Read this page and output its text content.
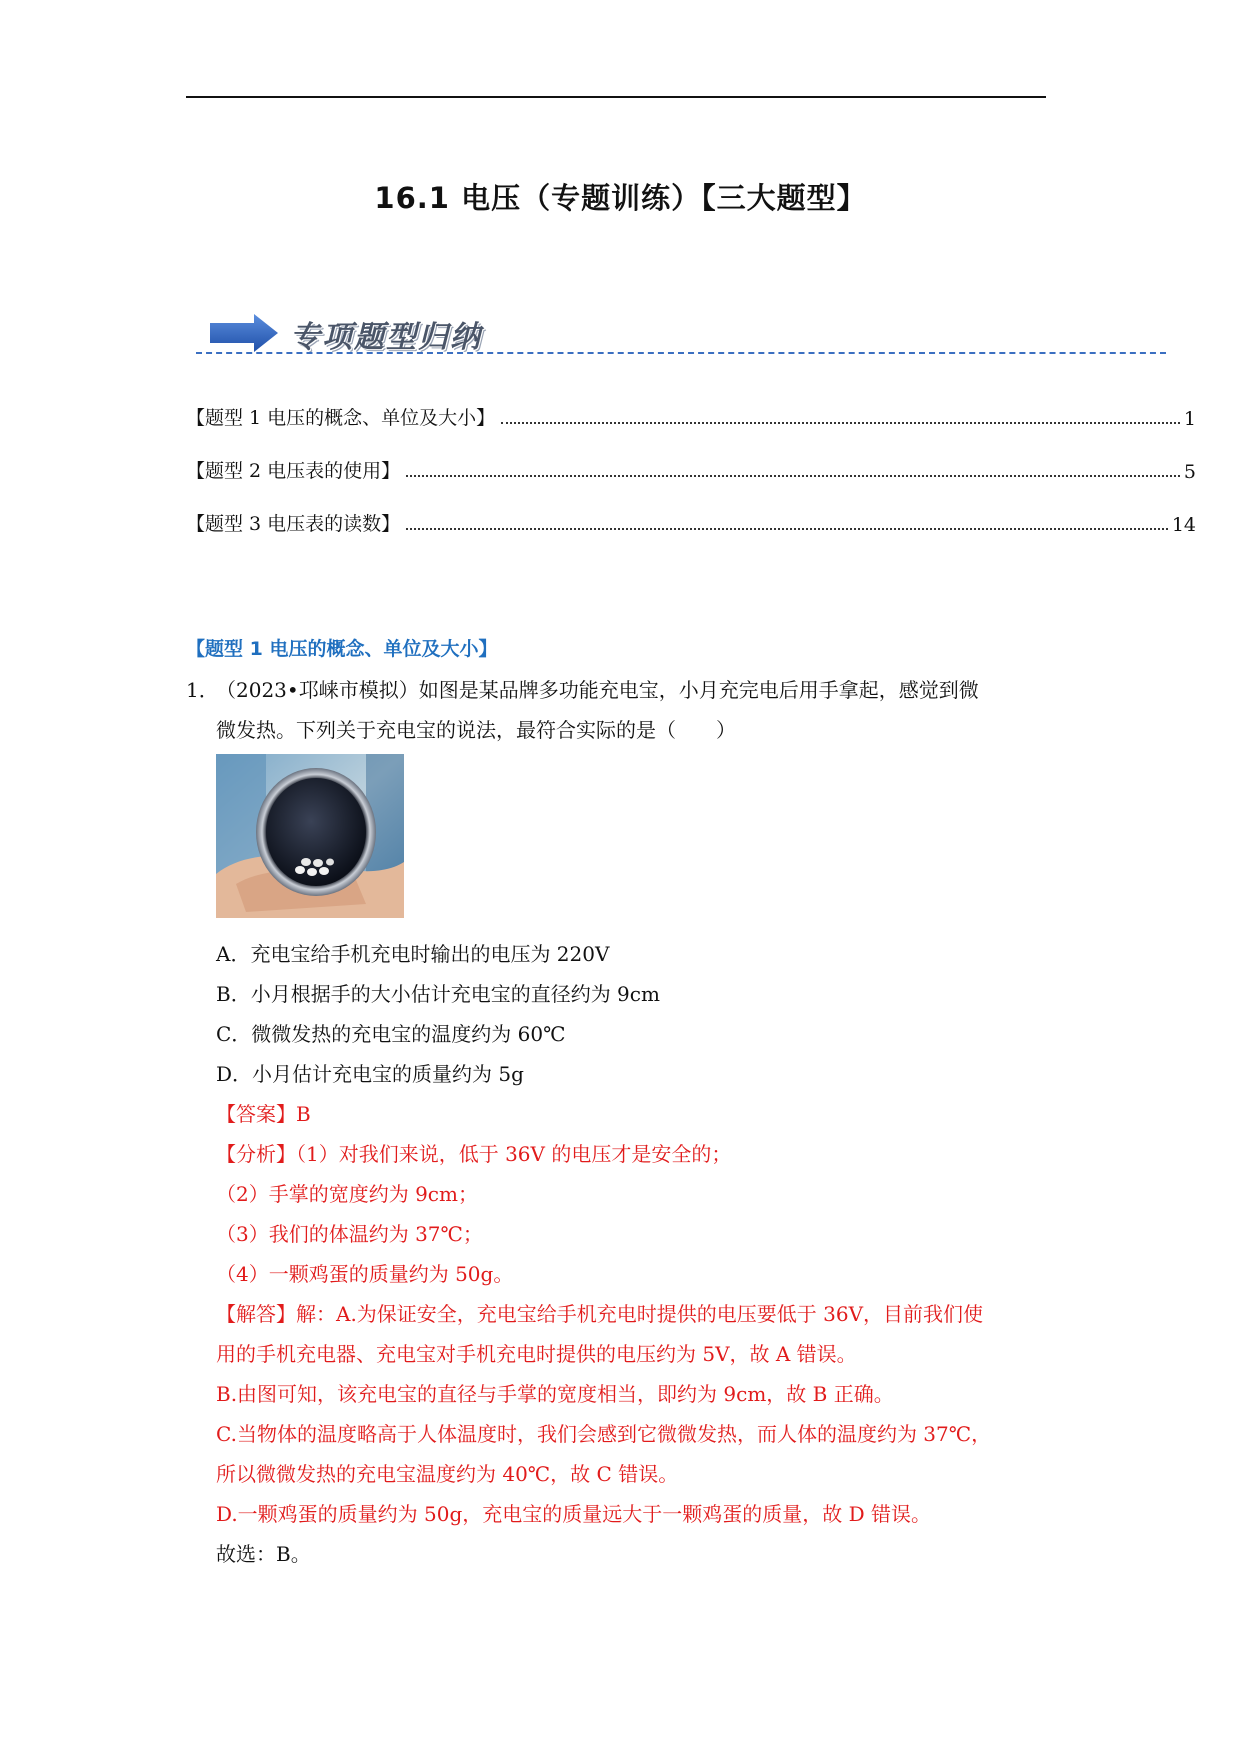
16.1 电压（专题训练）【三大题型】
专项题型归纳
【题型 1 电压的概念、单位及大小】	1
【题型 2 电压表的使用】	5
【题型 3 电压表的读数】	14
【题型 1 电压的概念、单位及大小】
1．
（2023•邛崃市模拟）如图是某品牌多功能充电宝，小月充完电后用手拿起，感觉到微
微发热。下列关于充电宝的说法，最符合实际的是（　　）
A．充电宝给手机充电时输出的电压为 220V
B．小月根据手的大小估计充电宝的直径约为 9cm
C．微微发热的充电宝的温度约为 60℃
D．小月估计充电宝的质量约为 5g
【答案】B
【分析】（1）对我们来说，低于 36V 的电压才是安全的；
（2）手掌的宽度约为 9cm；
（3）我们的体温约为 37℃；
（4）一颗鸡蛋的质量约为 50g。
【解答】解：A.为保证安全，充电宝给手机充电时提供的电压要低于 36V，目前我们使
用的手机充电器、充电宝对手机充电时提供的电压约为 5V，故 A 错误。
B.由图可知，该充电宝的直径与手掌的宽度相当，即约为 9cm，故 B 正确。
C.当物体的温度略高于人体温度时，我们会感到它微微发热，而人体的温度约为 37℃，
所以微微发热的充电宝温度约为 40℃，故 C 错误。
D.一颗鸡蛋的质量约为 50g，充电宝的质量远大于一颗鸡蛋的质量，故 D 错误。
故选：B。
